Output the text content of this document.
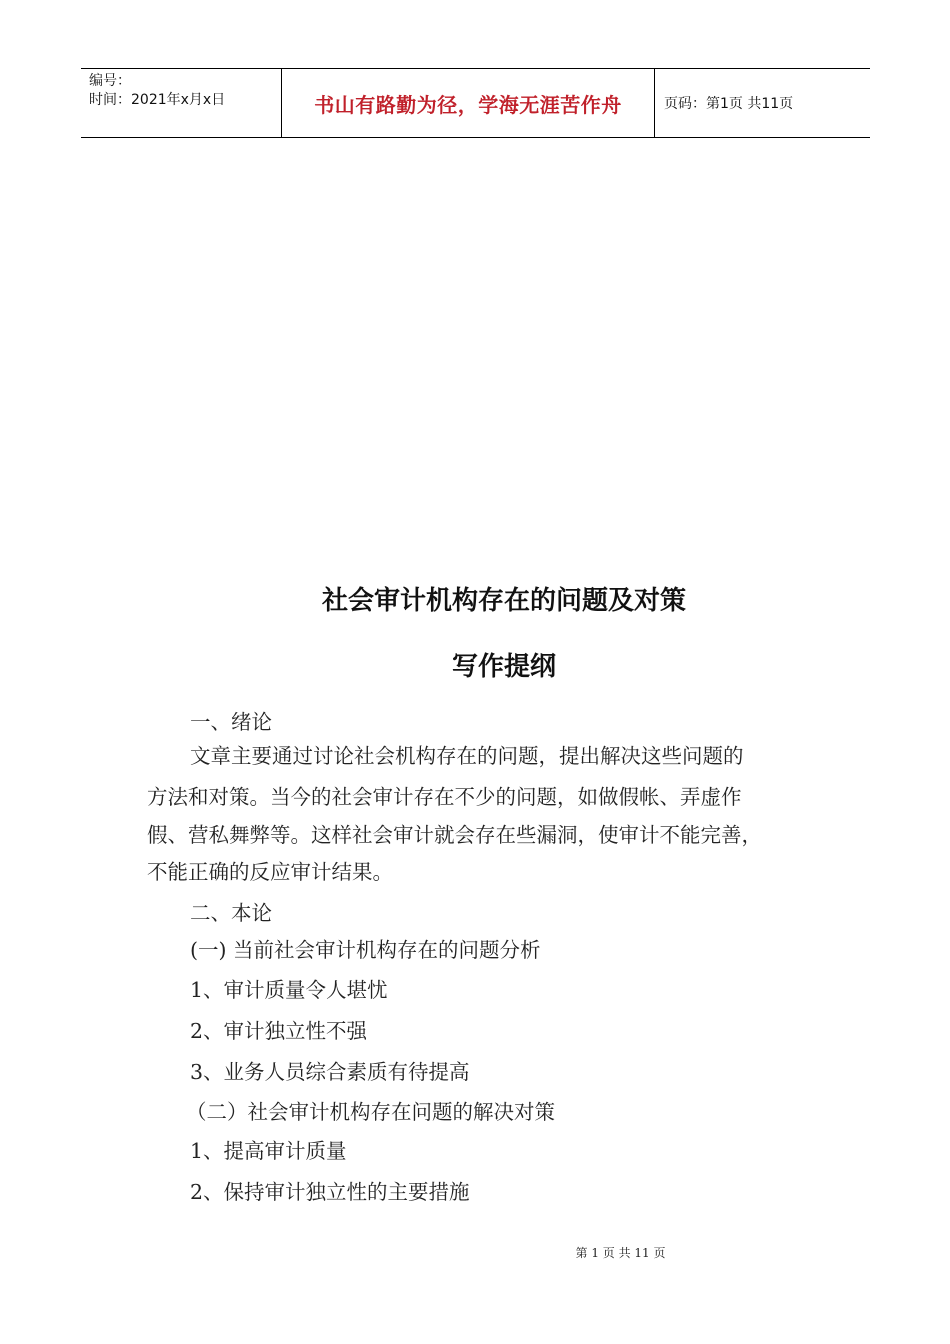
编号：
时间：2021年x月x日	书山有路勤为径，学海无涯苦作舟	页码：第1页 共11页
社会审计机构存在的问题及对策
写作提纲
一、绪论
文章主要通过讨论社会机构存在的问题，提出解决这些问题的
方法和对策。当今的社会审计存在不少的问题，如做假帐、弄虚作
假、营私舞弊等。这样社会审计就会存在些漏洞，使审计不能完善，
不能正确的反应审计结果。
二、本论
(一) 当前社会审计机构存在的问题分析
1、审计质量令人堪忧
2、审计独立性不强
3、业务人员综合素质有待提高
（二）社会审计机构存在问题的解决对策
1、提高审计质量
2、保持审计独立性的主要措施
第 1 页 共 11 页
